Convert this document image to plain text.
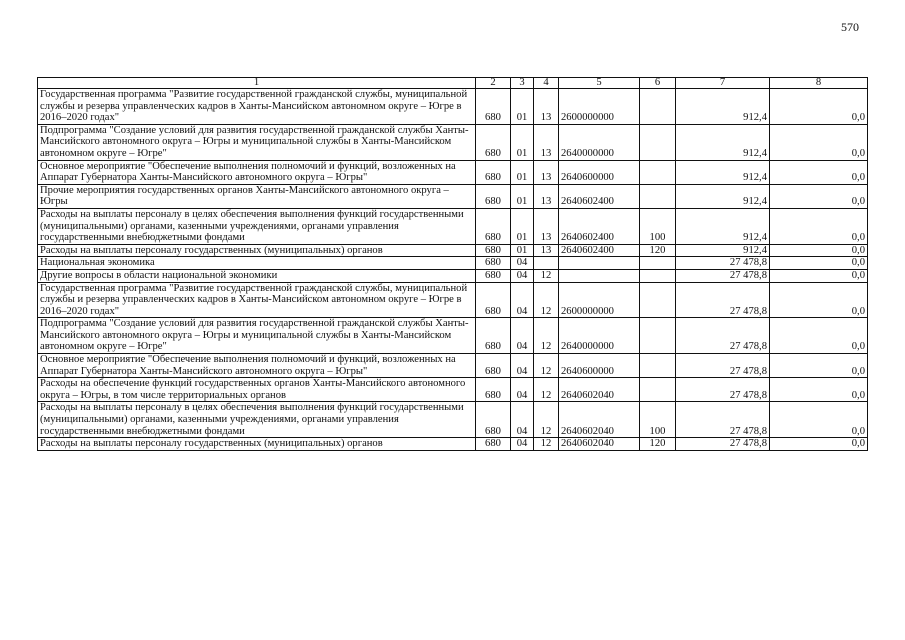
570
1	2	3	4	5	6	7	8
Государственная программа "Развитие государственной гражданской службы, муниципальной службы и резерва управленческих кадров в Ханты-Мансийском автономном округе – Югре в 2016–2020 годах"	680	01	13	2600000000		912,4	0,0
Подпрограмма "Создание условий для развития государственной гражданской службы Ханты-Мансийского автономного округа – Югры и муниципальной службы в Ханты-Мансийском автономном округе – Югре"	680	01	13	2640000000		912,4	0,0
Основное мероприятие "Обеспечение выполнения полномочий и функций, возложенных на Аппарат Губернатора Ханты-Мансийского автономного округа – Югры"	680	01	13	2640600000		912,4	0,0
Прочие мероприятия государственных органов Ханты-Мансийского автономного округа – Югры	680	01	13	2640602400		912,4	0,0
Расходы на выплаты персоналу в целях обеспечения выполнения функций государственными (муниципальными) органами, казенными учреждениями, органами управления государственными внебюджетными фондами	680	01	13	2640602400	100	912,4	0,0
Расходы на выплаты персоналу государственных (муниципальных) органов	680	01	13	2640602400	120	912,4	0,0
Национальная экономика	680	04				27 478,8	0,0
Другие вопросы в области национальной экономики	680	04	12			27 478,8	0,0
Государственная программа "Развитие государственной гражданской службы, муниципальной службы и резерва управленческих кадров в Ханты-Мансийском автономном округе – Югре в 2016–2020 годах"	680	04	12	2600000000		27 478,8	0,0
Подпрограмма "Создание условий для развития государственной гражданской службы Ханты-Мансийского автономного округа – Югры и муниципальной службы в Ханты-Мансийском автономном округе – Югре"	680	04	12	2640000000		27 478,8	0,0
Основное мероприятие "Обеспечение выполнения полномочий и функций, возложенных на Аппарат Губернатора Ханты-Мансийского автономного округа – Югры"	680	04	12	2640600000		27 478,8	0,0
Расходы на обеспечение функций государственных органов Ханты-Мансийского автономного округа – Югры, в том числе территориальных органов	680	04	12	2640602040		27 478,8	0,0
Расходы на выплаты персоналу в целях обеспечения выполнения функций государственными (муниципальными) органами, казенными учреждениями, органами управления государственными внебюджетными фондами	680	04	12	2640602040	100	27 478,8	0,0
Расходы на выплаты персоналу государственных (муниципальных) органов	680	04	12	2640602040	120	27 478,8	0,0
